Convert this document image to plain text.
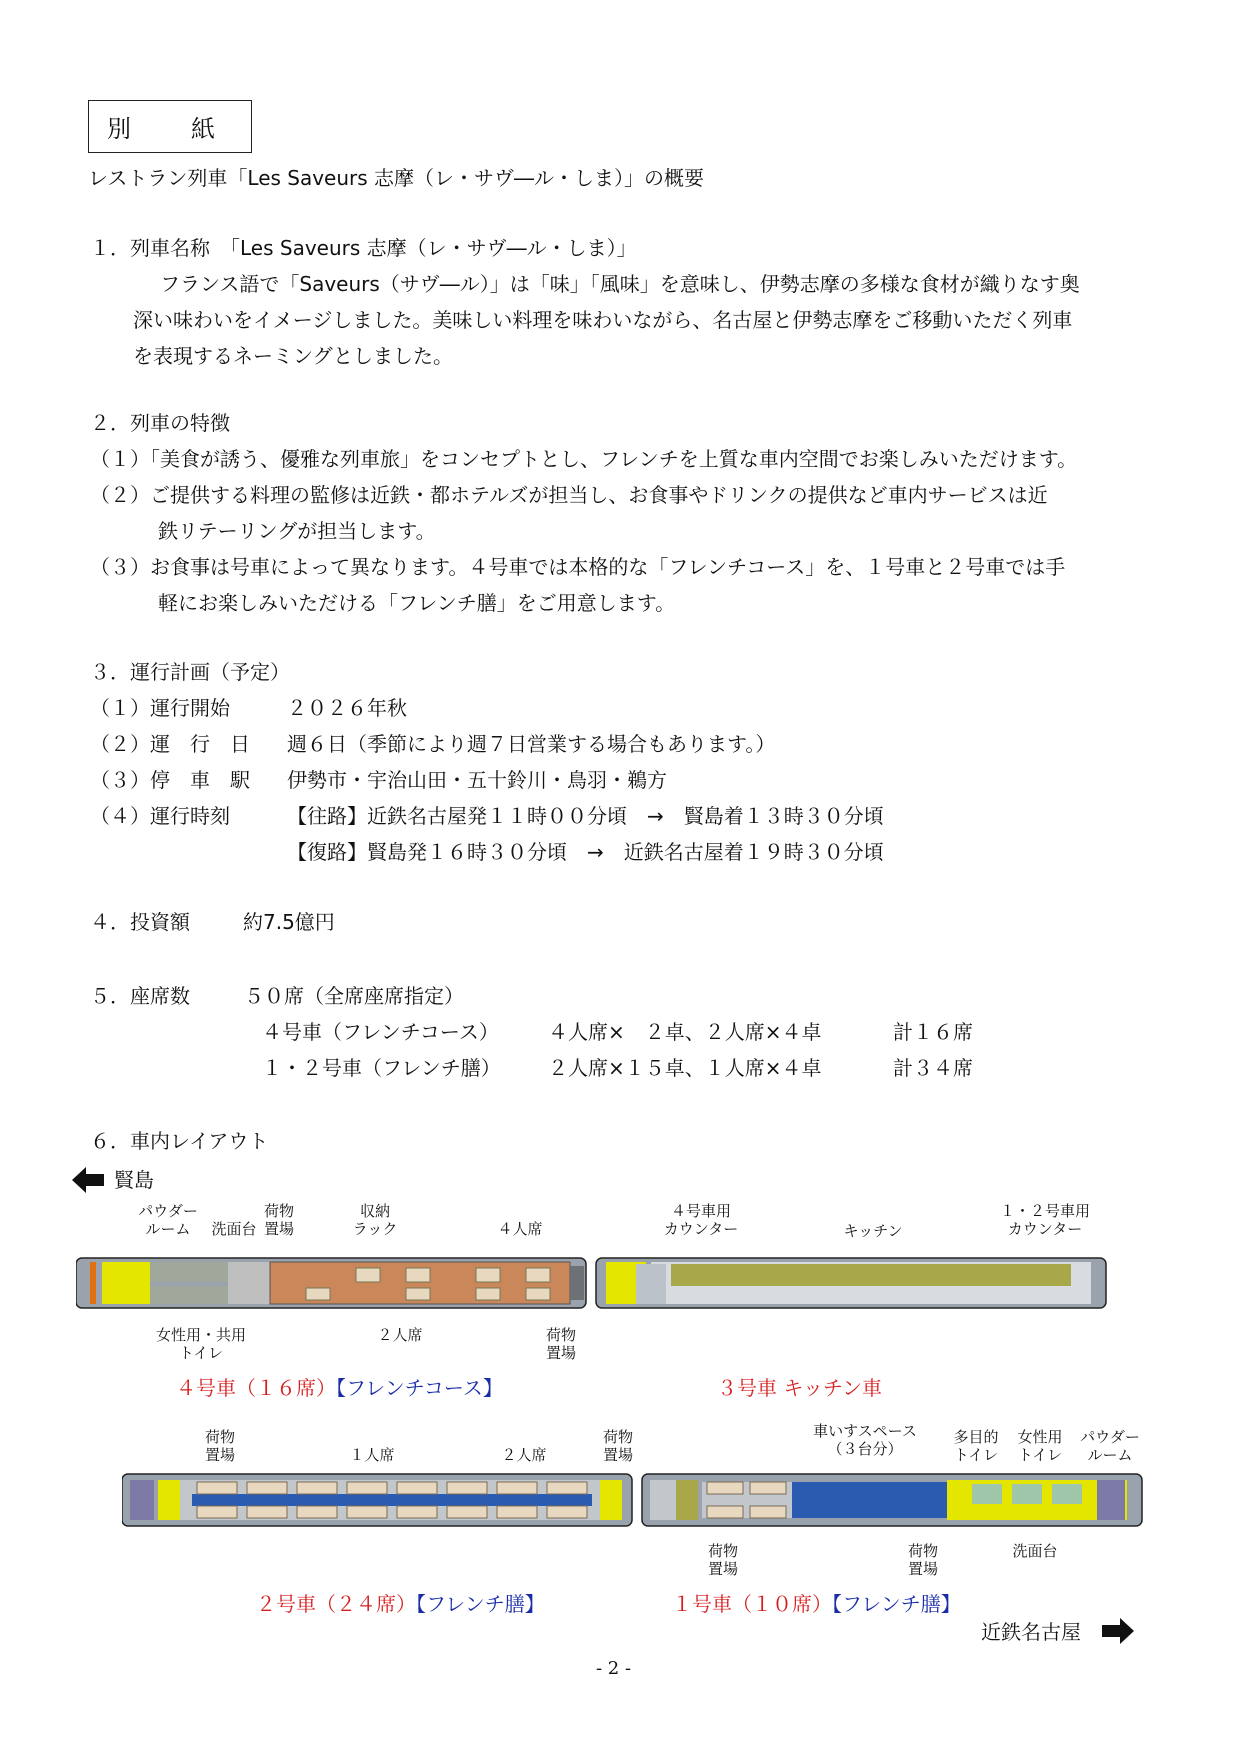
別　紙
レストラン列車「Les Saveurs 志摩（レ・サヴ―ル・しま）」の概要
１．列車名称　「Les Saveurs 志摩（レ・サヴ―ル・しま）」
フランス語で「Saveurs（サヴ―ル）」は「味」「風味」を意味し、伊勢志摩の多様な食材が織りなす奥
深い味わいをイメージしました。美味しい料理を味わいながら、名古屋と伊勢志摩をご移動いただく列車
を表現するネーミングとしました。
２．列車の特徴
（１）「美食が誘う、優雅な列車旅」をコンセプトとし、フレンチを上質な車内空間でお楽しみいただけます。
（２）ご提供する料理の監修は近鉄・都ホテルズが担当し、お食事やドリンクの提供など車内サービスは近
鉄リテーリングが担当します。
（３）お食事は号車によって異なります。４号車では本格的な「フレンチコース」を、１号車と２号車では手
軽にお楽しみいただける「フレンチ膳」をご用意します。
３．運行計画（予定）
（１）運行開始	２０２６年秋
（２）運　行　日 週６日（季節により週７日営業する場合もあります。）
（３）停　車　駅 伊勢市・宇治山田・五十鈴川・鳥羽・鵜方
（４）運行時刻	【往路】近鉄名古屋発１１時００分頃　→　賢島着１３時３０分頃
【復路】賢島発１６時３０分頃　→　近鉄名古屋着１９時３０分頃
４．投資額	約7.5億円
５．座席数	５０席（全席座席指定）
４号車（フレンチコース） ４人席×　２卓、２人席×４卓	計１６席
１・２号車（フレンチ膳） ２人席×１５卓、１人席×４卓	計３４席
６．車内レイアウト
賢島
パウダー
ルーム	洗面台
荷物
置場
収納
ラック	４人席
４号車用
カウンター	キッチン
１・２号車用
カウンター
女性用・共用
トイレ
２人席	荷物
置場
４号車（１６席）【フレンチコース】	３号車 キッチン車
荷物
置場	１人席	２人席
荷物
置場
車いすスペース
（３台分）
多目的
トイレ
女性用
トイレ
パウダー
ルーム
荷物
置場
荷物
置場
洗面台
２号車（２４席）【フレンチ膳】	１号車（１０席）【フレンチ膳】
近鉄名古屋
- 2 -
